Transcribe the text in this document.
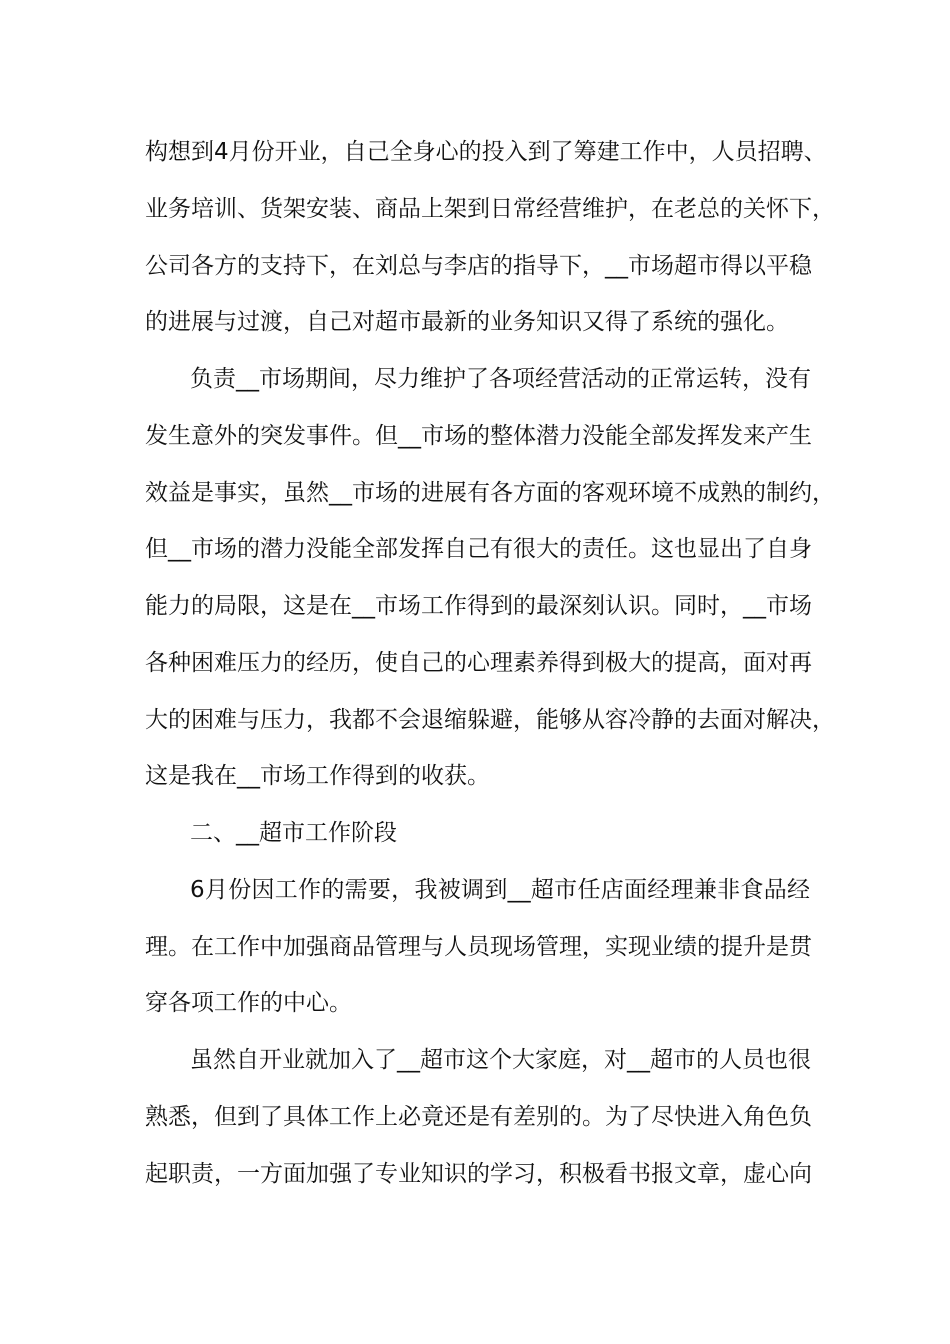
构想到4月份开业，自己全身心的投入到了筹建工作中，人员招聘、
业务培训、货架安装、商品上架到日常经营维护，在老总的关怀下，
公司各方的支持下，在刘总与李店的指导下，__市场超市得以平稳
的进展与过渡，自己对超市最新的业务知识又得了系统的强化。
负责__市场期间，尽力维护了各项经营活动的正常运转，没有
发生意外的突发事件。但__市场的整体潜力没能全部发挥发来产生
效益是事实，虽然__市场的进展有各方面的客观环境不成熟的制约，
但__市场的潜力没能全部发挥自己有很大的责任。这也显出了自身
能力的局限，这是在__市场工作得到的最深刻认识。同时，__市场
各种困难压力的经历，使自己的心理素养得到极大的提高，面对再
大的困难与压力，我都不会退缩躲避，能够从容冷静的去面对解决，
这是我在__市场工作得到的收获。
二、__超市工作阶段
6月份因工作的需要，我被调到__超市任店面经理兼非食品经
理。在工作中加强商品管理与人员现场管理，实现业绩的提升是贯
穿各项工作的中心。
虽然自开业就加入了__超市这个大家庭，对__超市的人员也很
熟悉，但到了具体工作上必竟还是有差别的。为了尽快进入角色负
起职责，一方面加强了专业知识的学习，积极看书报文章，虚心向
